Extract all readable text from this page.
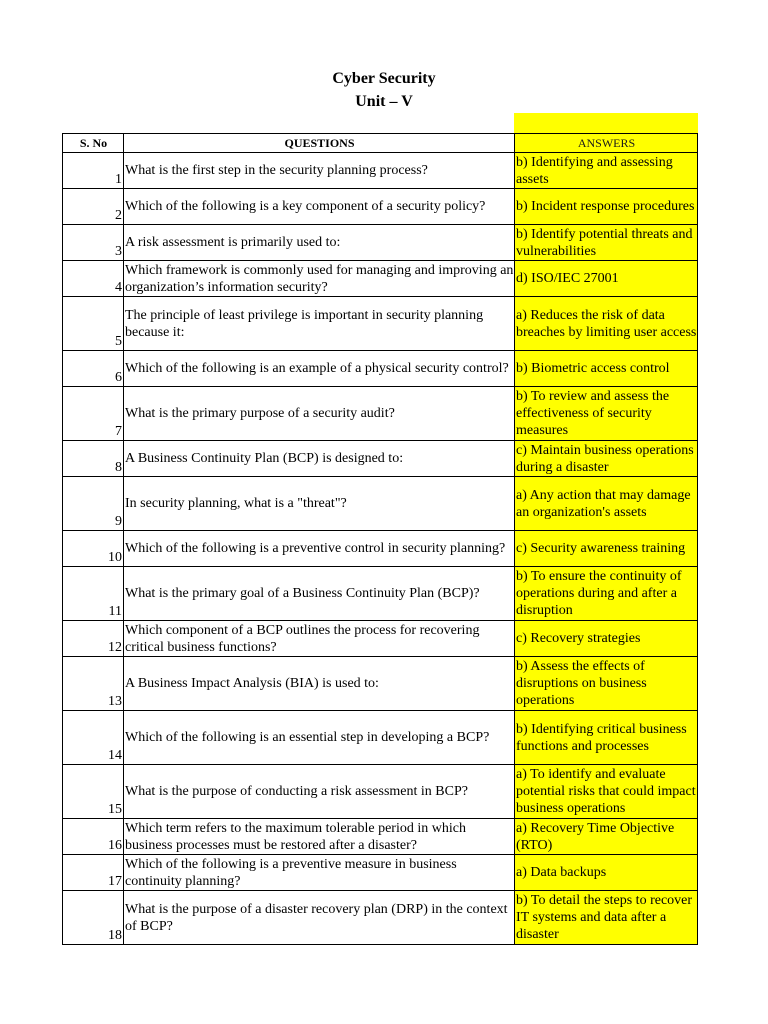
Cyber Security
Unit – V
S. No	QUESTIONS	ANSWERS
1	What is the first step in the security planning process?	b) Identifying and assessing assets
2	Which of the following is a key component of a security policy?	b) Incident response procedures
3	A risk assessment is primarily used to:	b) Identify potential threats and vulnerabilities
4	Which framework is commonly used for managing and improving an organization’s information security?	d) ISO/IEC 27001
5	The principle of least privilege is important in security planning because it:	a) Reduces the risk of data breaches by limiting user access
6	Which of the following is an example of a physical security control?	b) Biometric access control
7	What is the primary purpose of a security audit?	b) To review and assess the effectiveness of security measures
8	A Business Continuity Plan (BCP) is designed to:	c) Maintain business operations during a disaster
9	In security planning, what is a "threat"?	a) Any action that may damage an organization's assets
10	Which of the following is a preventive control in security planning?	c) Security awareness training
11	What is the primary goal of a Business Continuity Plan (BCP)?	b) To ensure the continuity of operations during and after a disruption
12	Which component of a BCP outlines the process for recovering critical business functions?	c) Recovery strategies
13	A Business Impact Analysis (BIA) is used to:	b) Assess the effects of disruptions on business operations
14	Which of the following is an essential step in developing a BCP?	b) Identifying critical business functions and processes
15	What is the purpose of conducting a risk assessment in BCP?	a) To identify and evaluate potential risks that could impact business operations
16	Which term refers to the maximum tolerable period in which business processes must be restored after a disaster?	a) Recovery Time Objective (RTO)
17	Which of the following is a preventive measure in business continuity planning?	a) Data backups
18	What is the purpose of a disaster recovery plan (DRP) in the context of BCP?	b) To detail the steps to recover IT systems and data after a disaster
